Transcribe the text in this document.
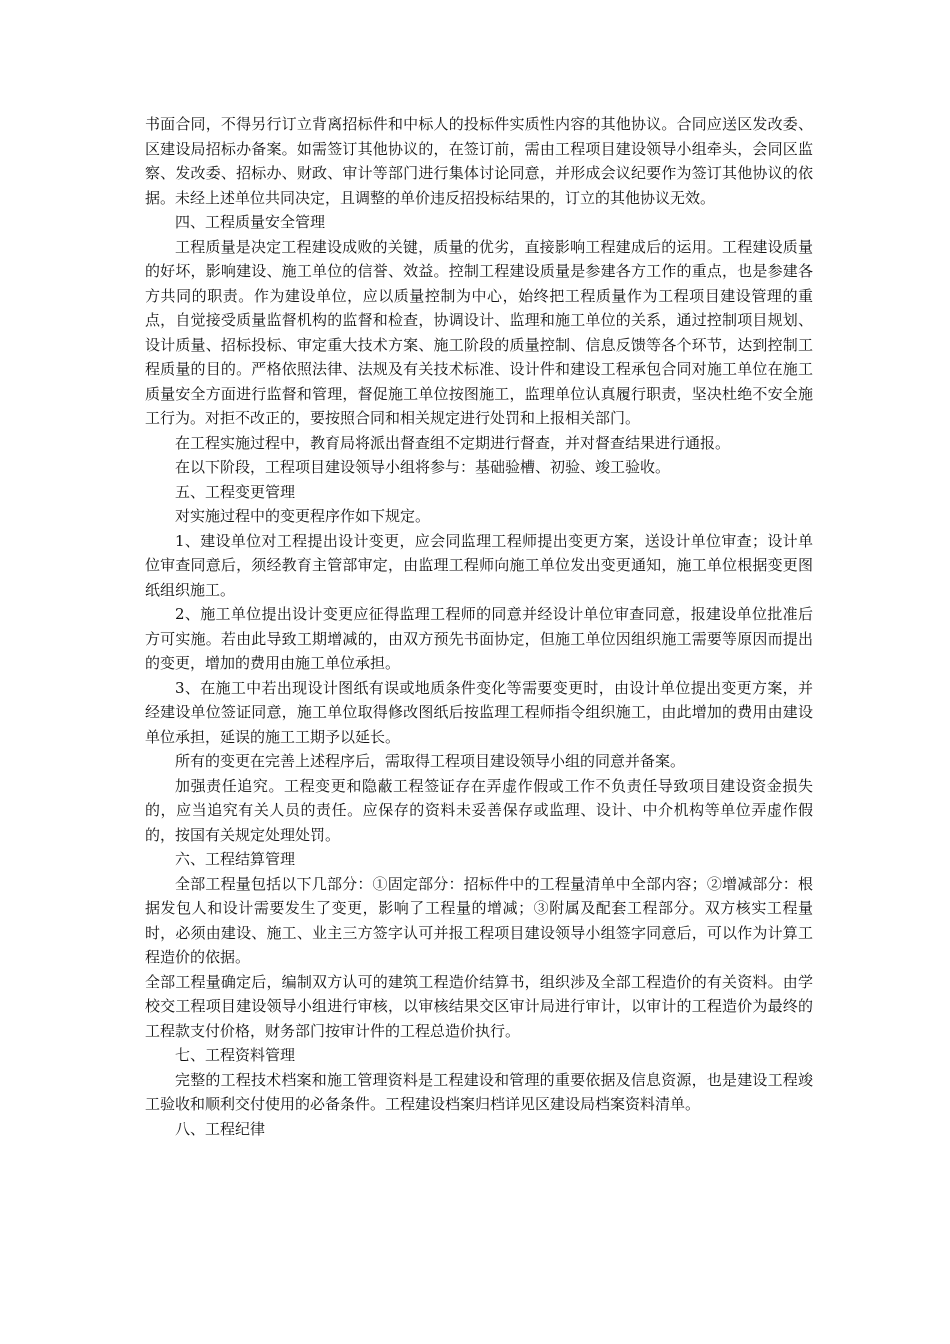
书面合同，不得另行订立背离招标件和中标人的投标件实质性内容的其他协议。合同应送区发改委、区建设局招标办备案。如需签订其他协议的，在签订前，需由工程项目建设领导小组牵头，会同区监察、发改委、招标办、财政、审计等部门进行集体讨论同意，并形成会议纪要作为签订其他协议的依据。未经上述单位共同决定，且调整的单价违反招投标结果的，订立的其他协议无效。

四、工程质量安全管理

工程质量是决定工程建设成败的关键，质量的优劣，直接影响工程建成后的运用。工程建设质量的好坏，影响建设、施工单位的信誉、效益。控制工程建设质量是参建各方工作的重点，也是参建各方共同的职责。作为建设单位，应以质量控制为中心，始终把工程质量作为工程项目建设管理的重点，自觉接受质量监督机构的监督和检查，协调设计、监理和施工单位的关系，通过控制项目规划、设计质量、招标投标、审定重大技术方案、施工阶段的质量控制、信息反馈等各个环节，达到控制工程质量的目的。严格依照法律、法规及有关技术标准、设计件和建设工程承包合同对施工单位在施工质量安全方面进行监督和管理，督促施工单位按图施工，监理单位认真履行职责，坚决杜绝不安全施工行为。对拒不改正的，要按照合同和相关规定进行处罚和上报相关部门。

在工程实施过程中，教育局将派出督查组不定期进行督查，并对督查结果进行通报。

在以下阶段，工程项目建设领导小组将参与：基础验槽、初验、竣工验收。

五、工程变更管理

对实施过程中的变更程序作如下规定。

1、建设单位对工程提出设计变更，应会同监理工程师提出变更方案，送设计单位审查；设计单位审查同意后，须经教育主管部审定，由监理工程师向施工单位发出变更通知，施工单位根据变更图纸组织施工。

2、施工单位提出设计变更应征得监理工程师的同意并经设计单位审查同意，报建设单位批准后方可实施。若由此导致工期增减的，由双方预先书面协定，但施工单位因组织施工需要等原因而提出的变更，增加的费用由施工单位承担。

3、在施工中若出现设计图纸有误或地质条件变化等需要变更时，由设计单位提出变更方案，并经建设单位签证同意，施工单位取得修改图纸后按监理工程师指令组织施工，由此增加的费用由建设单位承担，延误的施工工期予以延长。

所有的变更在完善上述程序后，需取得工程项目建设领导小组的同意并备案。

加强责任追究。工程变更和隐蔽工程签证存在弄虚作假或工作不负责任导致项目建设资金损失的，应当追究有关人员的责任。应保存的资料未妥善保存或监理、设计、中介机构等单位弄虚作假的，按国有关规定处理处罚。

六、工程结算管理

全部工程量包括以下几部分：①固定部分：招标件中的工程量清单中全部内容；②增减部分：根据发包人和设计需要发生了变更，影响了工程量的增减；③附属及配套工程部分。双方核实工程量时，必须由建设、施工、业主三方签字认可并报工程项目建设领导小组签字同意后，可以作为计算工程造价的依据。

全部工程量确定后，编制双方认可的建筑工程造价结算书，组织涉及全部工程造价的有关资料。由学校交工程项目建设领导小组进行审核，以审核结果交区审计局进行审计，以审计的工程造价为最终的工程款支付价格，财务部门按审计件的工程总造价执行。

七、工程资料管理

完整的工程技术档案和施工管理资料是工程建设和管理的重要依据及信息资源，也是建设工程竣工验收和顺利交付使用的必备条件。工程建设档案归档详见区建设局档案资料清单。

八、工程纪律
